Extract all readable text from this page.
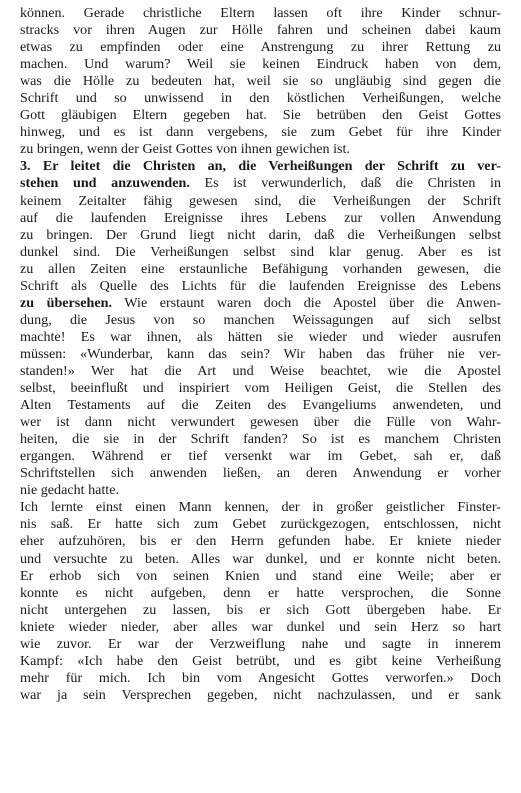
können. Gerade christliche Eltern lassen oft ihre Kinder schnur-
stracks vor ihren Augen zur Hölle fahren und scheinen dabei kaum
etwas zu empfinden oder eine Anstrengung zu ihrer Rettung zu
machen. Und warum? Weil sie keinen Eindruck haben von dem,
was die Hölle zu bedeuten hat, weil sie so ungläubig sind gegen die
Schrift und so unwissend in den köstlichen Verheißungen, welche
Gott gläubigen Eltern gegeben hat. Sie betrüben den Geist Gottes
hinweg, und es ist dann vergebens, sie zum Gebet für ihre Kinder
zu bringen, wenn der Geist Gottes von ihnen gewichen ist.
3. Er leitet die Christen an, die Verheißungen der Schrift zu ver-
stehen und anzuwenden. Es ist verwunderlich, daß die Christen in
keinem Zeitalter fähig gewesen sind, die Verheißungen der Schrift
auf die laufenden Ereignisse ihres Lebens zur vollen Anwendung
zu bringen. Der Grund liegt nicht darin, daß die Verheißungen selbst
dunkel sind. Die Verheißungen selbst sind klar genug. Aber es ist
zu allen Zeiten eine erstaunliche Befähigung vorhanden gewesen, die
Schrift als Quelle des Lichts für die laufenden Ereignisse des Lebens
zu übersehen. Wie erstaunt waren doch die Apostel über die Anwen-
dung, die Jesus von so manchen Weissagungen auf sich selbst
machte! Es war ihnen, als hätten sie wieder und wieder ausrufen
müssen: «Wunderbar, kann das sein? Wir haben das früher nie ver-
standen!» Wer hat die Art und Weise beachtet, wie die Apostel
selbst, beeinflußt und inspiriert vom Heiligen Geist, die Stellen des
Alten Testaments auf die Zeiten des Evangeliums anwendeten, und
wer ist dann nicht verwundert gewesen über die Fülle von Wahr-
heiten, die sie in der Schrift fanden? So ist es manchem Christen
ergangen. Während er tief versenkt war im Gebet, sah er, daß
Schriftstellen sich anwenden ließen, an deren Anwendung er vorher
nie gedacht hatte.
Ich lernte einst einen Mann kennen, der in großer geistlicher Finster-
nis saß. Er hatte sich zum Gebet zurückgezogen, entschlossen, nicht
eher aufzuhören, bis er den Herrn gefunden habe. Er kniete nieder
und versuchte zu beten. Alles war dunkel, und er konnte nicht beten.
Er erhob sich von seinen Knien und stand eine Weile; aber er
konnte es nicht aufgeben, denn er hatte versprochen, die Sonne
nicht untergehen zu lassen, bis er sich Gott übergeben habe. Er
kniete wieder nieder, aber alles war dunkel und sein Herz so hart
wie zuvor. Er war der Verzweiflung nahe und sagte in innerem
Kampf: «Ich habe den Geist betrübt, und es gibt keine Verheißung
mehr für mich. Ich bin vom Angesicht Gottes verworfen.» Doch
war ja sein Versprechen gegeben, nicht nachzulassen, und er sank
